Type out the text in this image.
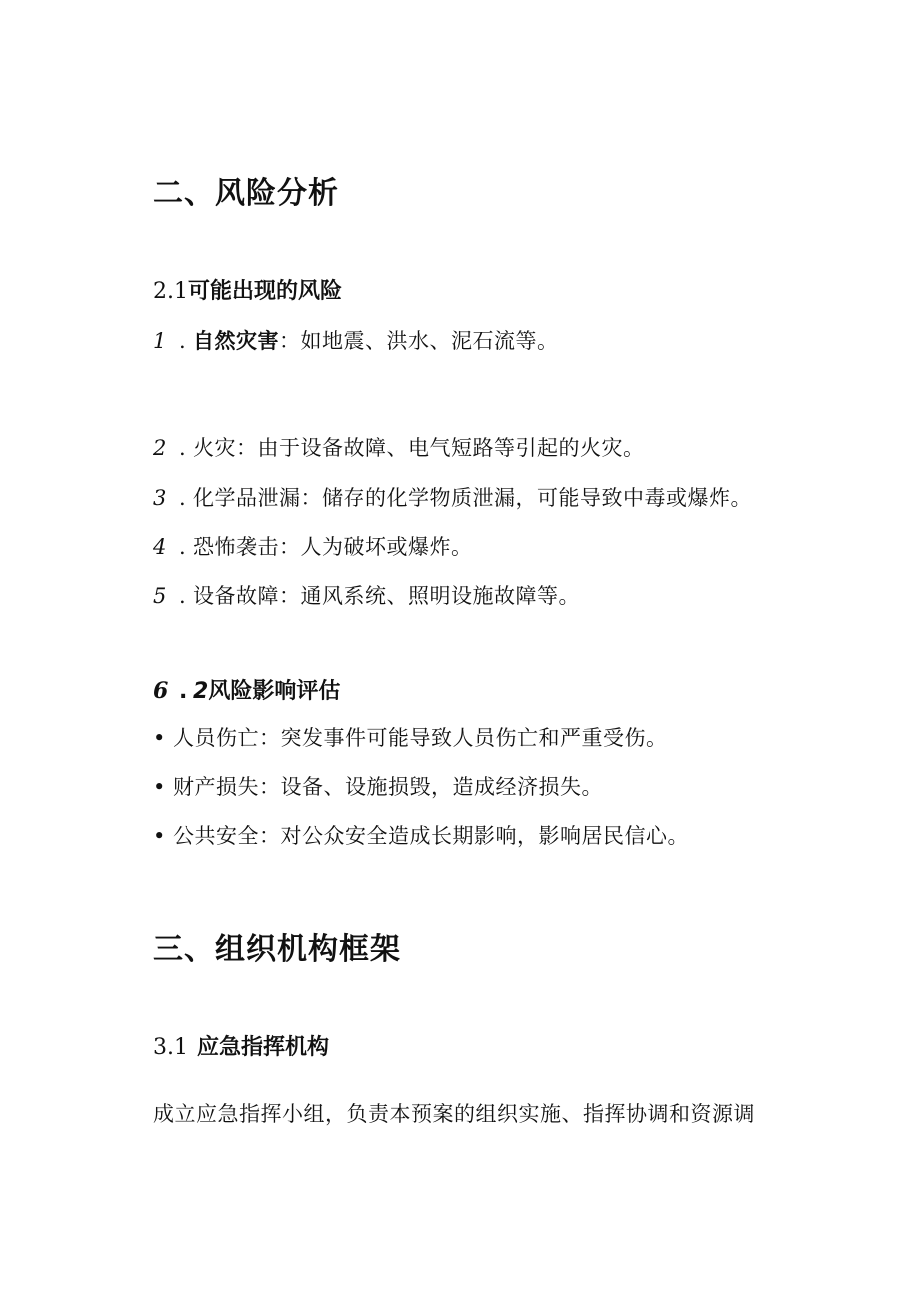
二、风险分析
2.1可能出现的风险
1 . 自然灾害：如地震、洪水、泥石流等。
2 . 火灾：由于设备故障、电气短路等引起的火灾。
3 . 化学品泄漏：储存的化学物质泄漏，可能导致中毒或爆炸。
4 . 恐怖袭击：人为破坏或爆炸。
5 . 设备故障：通风系统、照明设施故障等。
6 . 2风险影响评估
• 人员伤亡：突发事件可能导致人员伤亡和严重受伤。
• 财产损失：设备、设施损毁，造成经济损失。
• 公共安全：对公众安全造成长期影响，影响居民信心。
三、组织机构框架
3.1 应急指挥机构
成立应急指挥小组，负责本预案的组织实施、指挥协调和资源调
